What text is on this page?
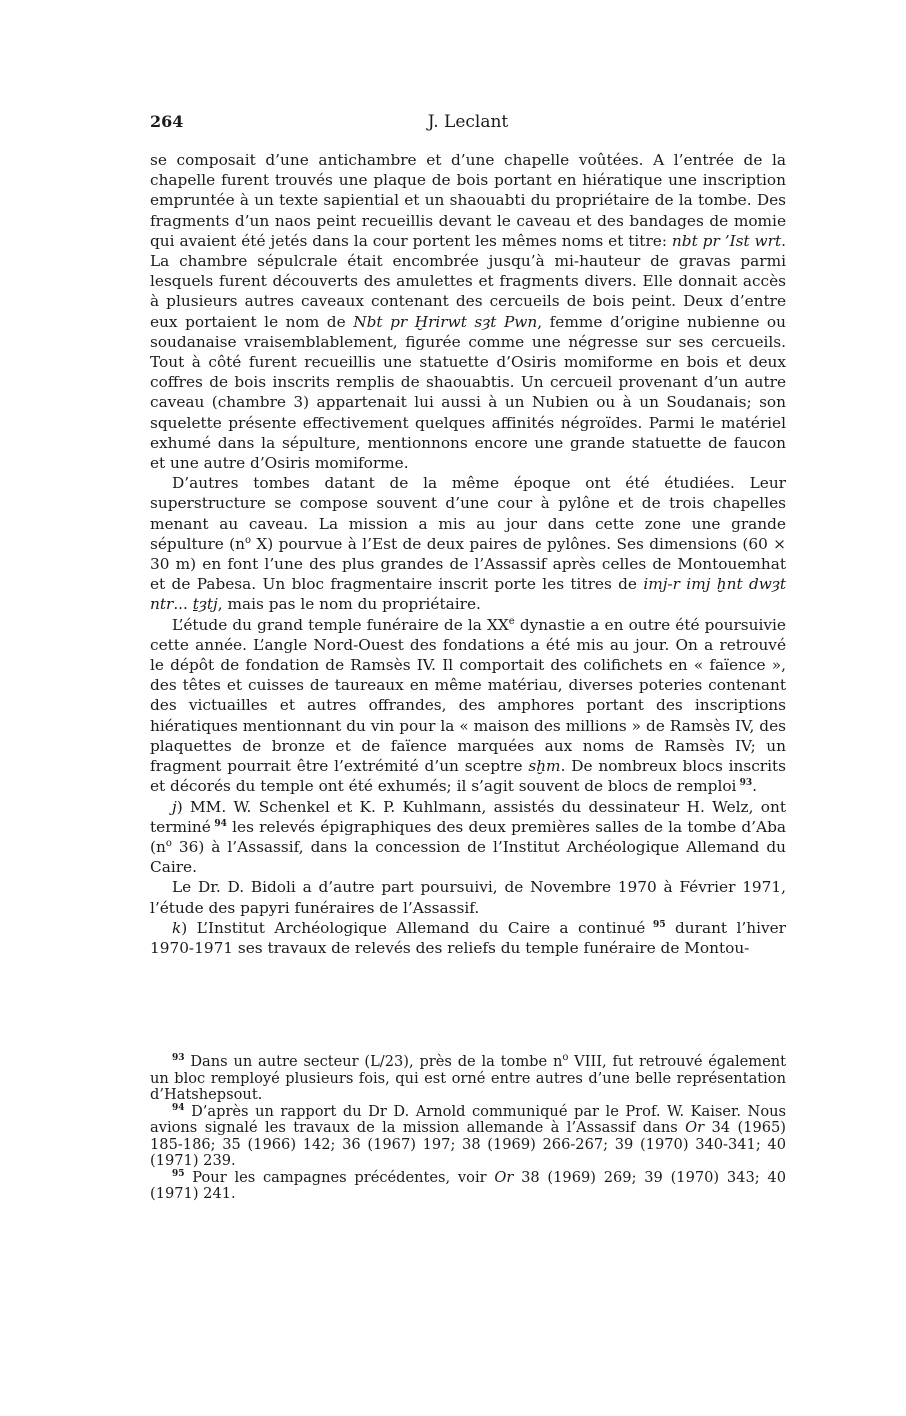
264	J. Leclant

se composait d’une antichambre et d’une chapelle voûtées. A l’entrée de la chapelle furent trouvés une plaque de bois portant en hiératique une inscription empruntée à un texte sapiential et un shaouabti du propriétaire de la tombe. Des fragments d’un naos peint recueillis devant le caveau et des bandages de momie qui avaient été jetés dans la cour portent les mêmes noms et titre: nbt pr ’Ist wrt. La chambre sépulcrale était encombrée jusqu’à mi-hauteur de gravas parmi lesquels furent découverts des amulettes et fragments divers. Elle donnait accès à plusieurs autres caveaux contenant des cercueils de bois peint. Deux d’entre eux portaient le nom de Nbt pr Ḫrirwt sȝt Pwn, femme d’origine nubienne ou soudanaise vraisemblablement, figurée comme une négresse sur ses cercueils. Tout à côté furent recueillis une statuette d’Osiris momiforme en bois et deux coffres de bois inscrits remplis de shaouabtis. Un cercueil provenant d’un autre caveau (chambre 3) appartenait lui aussi à un Nubien ou à un Soudanais; son squelette présente effectivement quelques affinités négroïdes. Parmi le matériel exhumé dans la sépulture, mentionnons encore une grande statuette de faucon et une autre d’Osiris momiforme.

D’autres tombes datant de la même époque ont été étudiées. Leur superstructure se compose souvent d’une cour à pylône et de trois chapelles menant au caveau. La mission a mis au jour dans cette zone une grande sépulture ($n^o$ X) pourvue à l’Est de deux paires de pylônes. Ses dimensions (60 × 30 m) en font l’une des plus grandes de l’Assassif après celles de Montouemhat et de Pabesa. Un bloc fragmentaire inscrit porte les titres de imj-r imj ḫnt dwȝt ntr... ṯȝtj, mais pas le nom du propriétaire.

L’étude du grand temple funéraire de la XXe dynastie a en outre été poursuivie cette année. L’angle Nord-Ouest des fondations a été mis au jour. On a retrouvé le dépôt de fondation de Ramsès IV. Il comportait des colifichets en « faïence », des têtes et cuisses de taureaux en même matériau, diverses poteries contenant des victuailles et autres offrandes, des amphores portant des inscriptions hiératiques mentionnant du vin pour la « maison des millions » de Ramsès IV, des plaquettes de bronze et de faïence marquées aux noms de Ramsès IV; un fragment pourrait être l’extrémité d’un sceptre sḫm. De nombreux blocs inscrits et décorés du temple ont été exhumés; il s’agit souvent de blocs de remploi $^{93}$.

j) MM. W. Schenkel et K. P. Kuhlmann, assistés du dessinateur H. Welz, ont terminé $^{94}$ les relevés épigraphiques des deux premières salles de la tombe d’Aba ($n^o$ 36) à l’Assassif, dans la concession de l’Institut Archéologique Allemand du Caire.

Le Dr. D. Bidoli a d’autre part poursuivi, de Novembre 1970 à Février 1971, l’étude des papyri funéraires de l’Assassif.

k) L’Institut Archéologique Allemand du Caire a continué $^{95}$ durant l’hiver 1970-1971 ses travaux de relevés des reliefs du temple funéraire de Montou-

$^{93}$ Dans un autre secteur (L/23), près de la tombe $n^o$ VIII, fut retrouvé également un bloc remployé plusieurs fois, qui est orné entre autres d’une belle représentation d’Hatshepsout.

$^{94}$ D’après un rapport du Dr D. Arnold communiqué par le Prof. W. Kaiser. Nous avions signalé les travaux de la mission allemande à l’Assassif dans Or 34 (1965) 185-186; 35 (1966) 142; 36 (1967) 197; 38 (1969) 266-267; 39 (1970) 340-341; 40 (1971) 239.

$^{95}$ Pour les campagnes précédentes, voir Or 38 (1969) 269; 39 (1970) 343; 40 (1971) 241.
